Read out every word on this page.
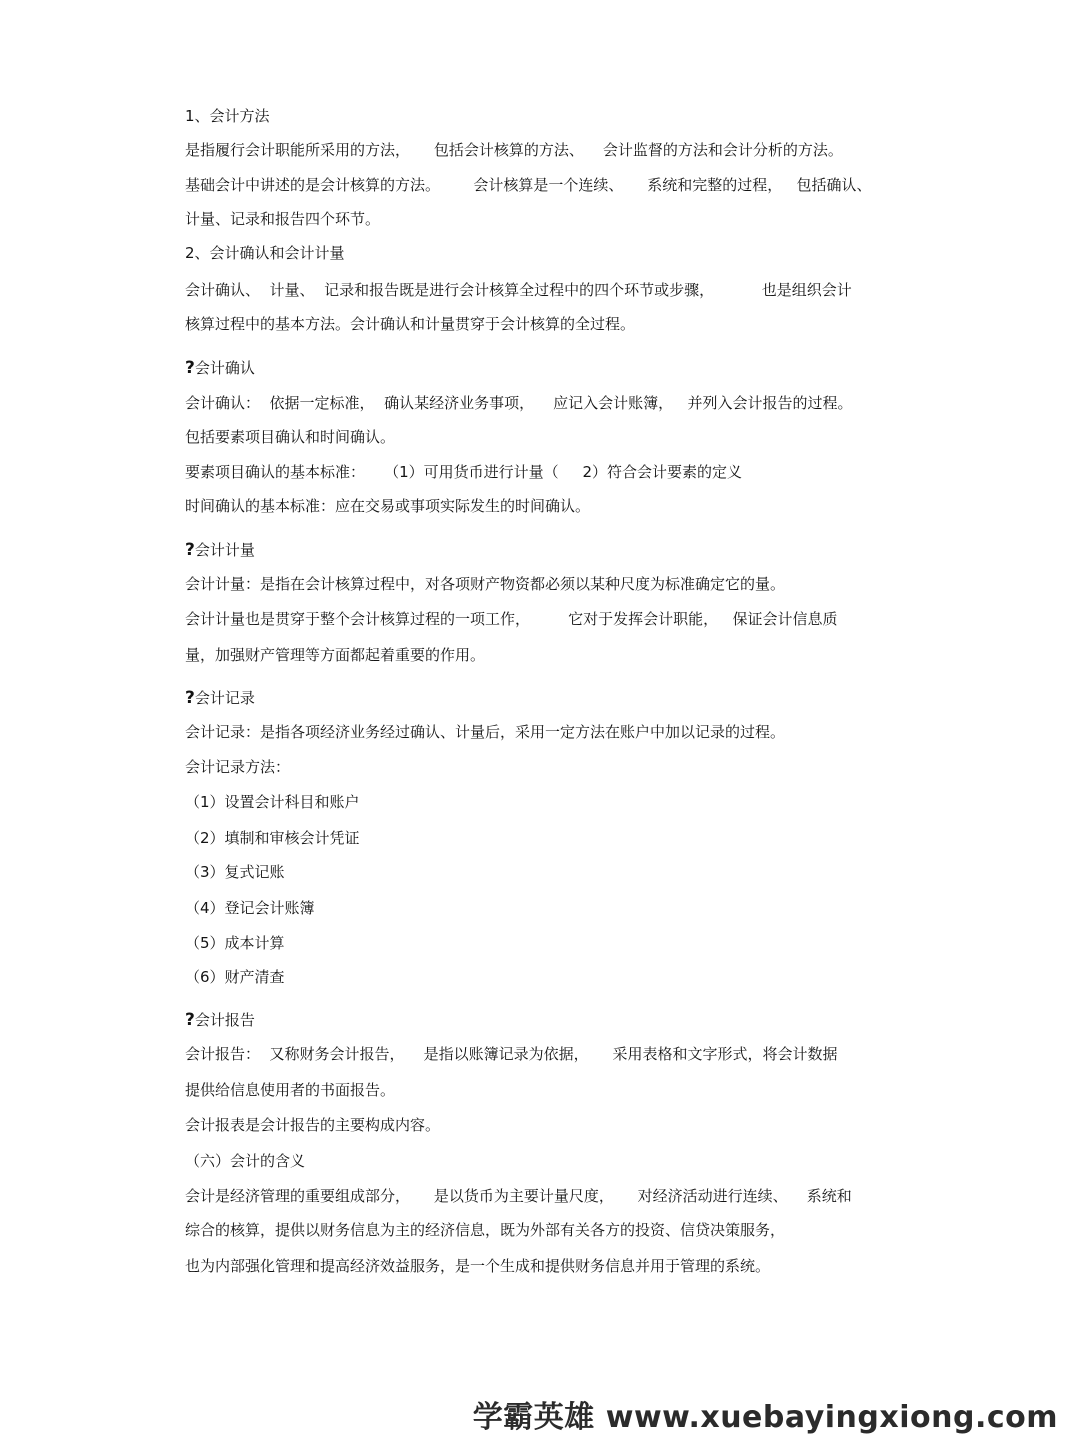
1、会计方法
是指履行会计职能所采用的方法，     包括会计核算的方法、    会计监督的方法和会计分析的方法。
基础会计中讲述的是会计核算的方法。       会计核算是一个连续、     系统和完整的过程，   包括确认、
计量、记录和报告四个环节。
2、会计确认和会计计量
会计确认、  计量、  记录和报告既是进行会计核算全过程中的四个环节或步骤，          也是组织会计
核算过程中的基本方法。会计确认和计量贯穿于会计核算的全过程。
?会计确认
会计确认：  依据一定标准，  确认某经济业务事项，    应记入会计账簿，   并列入会计报告的过程。
包括要素项目确认和时间确认。
要素项目确认的基本标准：    （1）可用货币进行计量（     2）符合会计要素的定义
时间确认的基本标准：应在交易或事项实际发生的时间确认。
?会计计量
会计计量：是指在会计核算过程中，对各项财产物资都必须以某种尺度为标准确定它的量。
会计计量也是贯穿于整个会计核算过程的一项工作，        它对于发挥会计职能，   保证会计信息质
量，加强财产管理等方面都起着重要的作用。
?会计记录
会计记录：是指各项经济业务经过确认、计量后，采用一定方法在账户中加以记录的过程。
会计记录方法：
（1）设置会计科目和账户
（2）填制和审核会计凭证
（3）复式记账
（4）登记会计账簿
（5）成本计算
（6）财产清查
?会计报告
会计报告：  又称财务会计报告，    是指以账簿记录为依据，     采用表格和文字形式，将会计数据
提供给信息使用者的书面报告。
会计报表是会计报告的主要构成内容。
（六）会计的含义
会计是经济管理的重要组成部分，     是以货币为主要计量尺度，     对经济活动进行连续、    系统和
综合的核算，提供以财务信息为主的经济信息，既为外部有关各方的投资、信贷决策服务，
也为内部强化管理和提高经济效益服务，是一个生成和提供财务信息并用于管理的系统。
学霸英雄 www.xuebayingxiong.com
